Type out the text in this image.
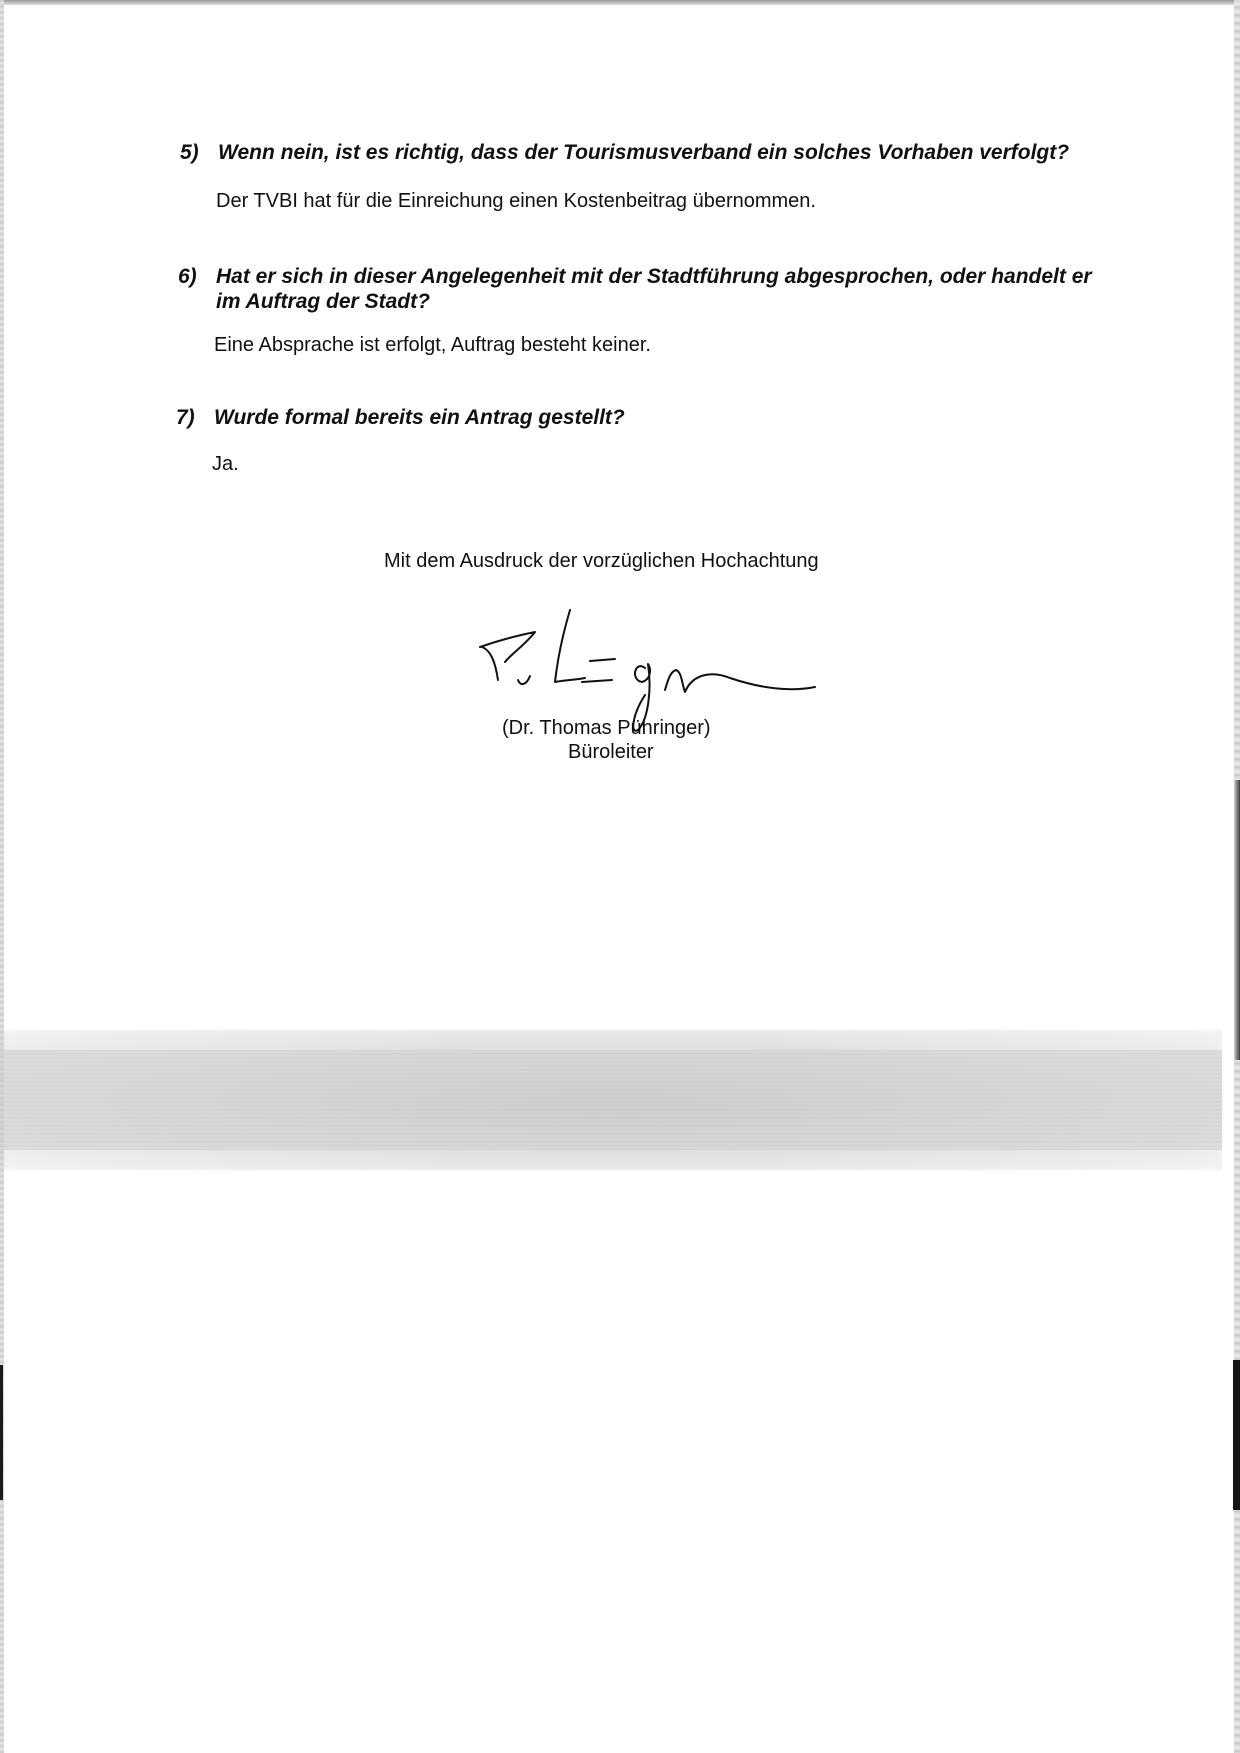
5) Wenn nein, ist es richtig, dass der Tourismusverband ein solches Vorhaben verfolgt?

Der TVBI hat für die Einreichung einen Kostenbeitrag übernommen.

6) Hat er sich in dieser Angelegenheit mit der Stadtführung abgesprochen, oder handelt er im Auftrag der Stadt?

Eine Absprache ist erfolgt, Auftrag besteht keiner.

7) Wurde formal bereits ein Antrag gestellt?

Ja.

Mit dem Ausdruck der vorzüglichen Hochachtung
(Dr. Thomas Pühringer)
Büroleiter
